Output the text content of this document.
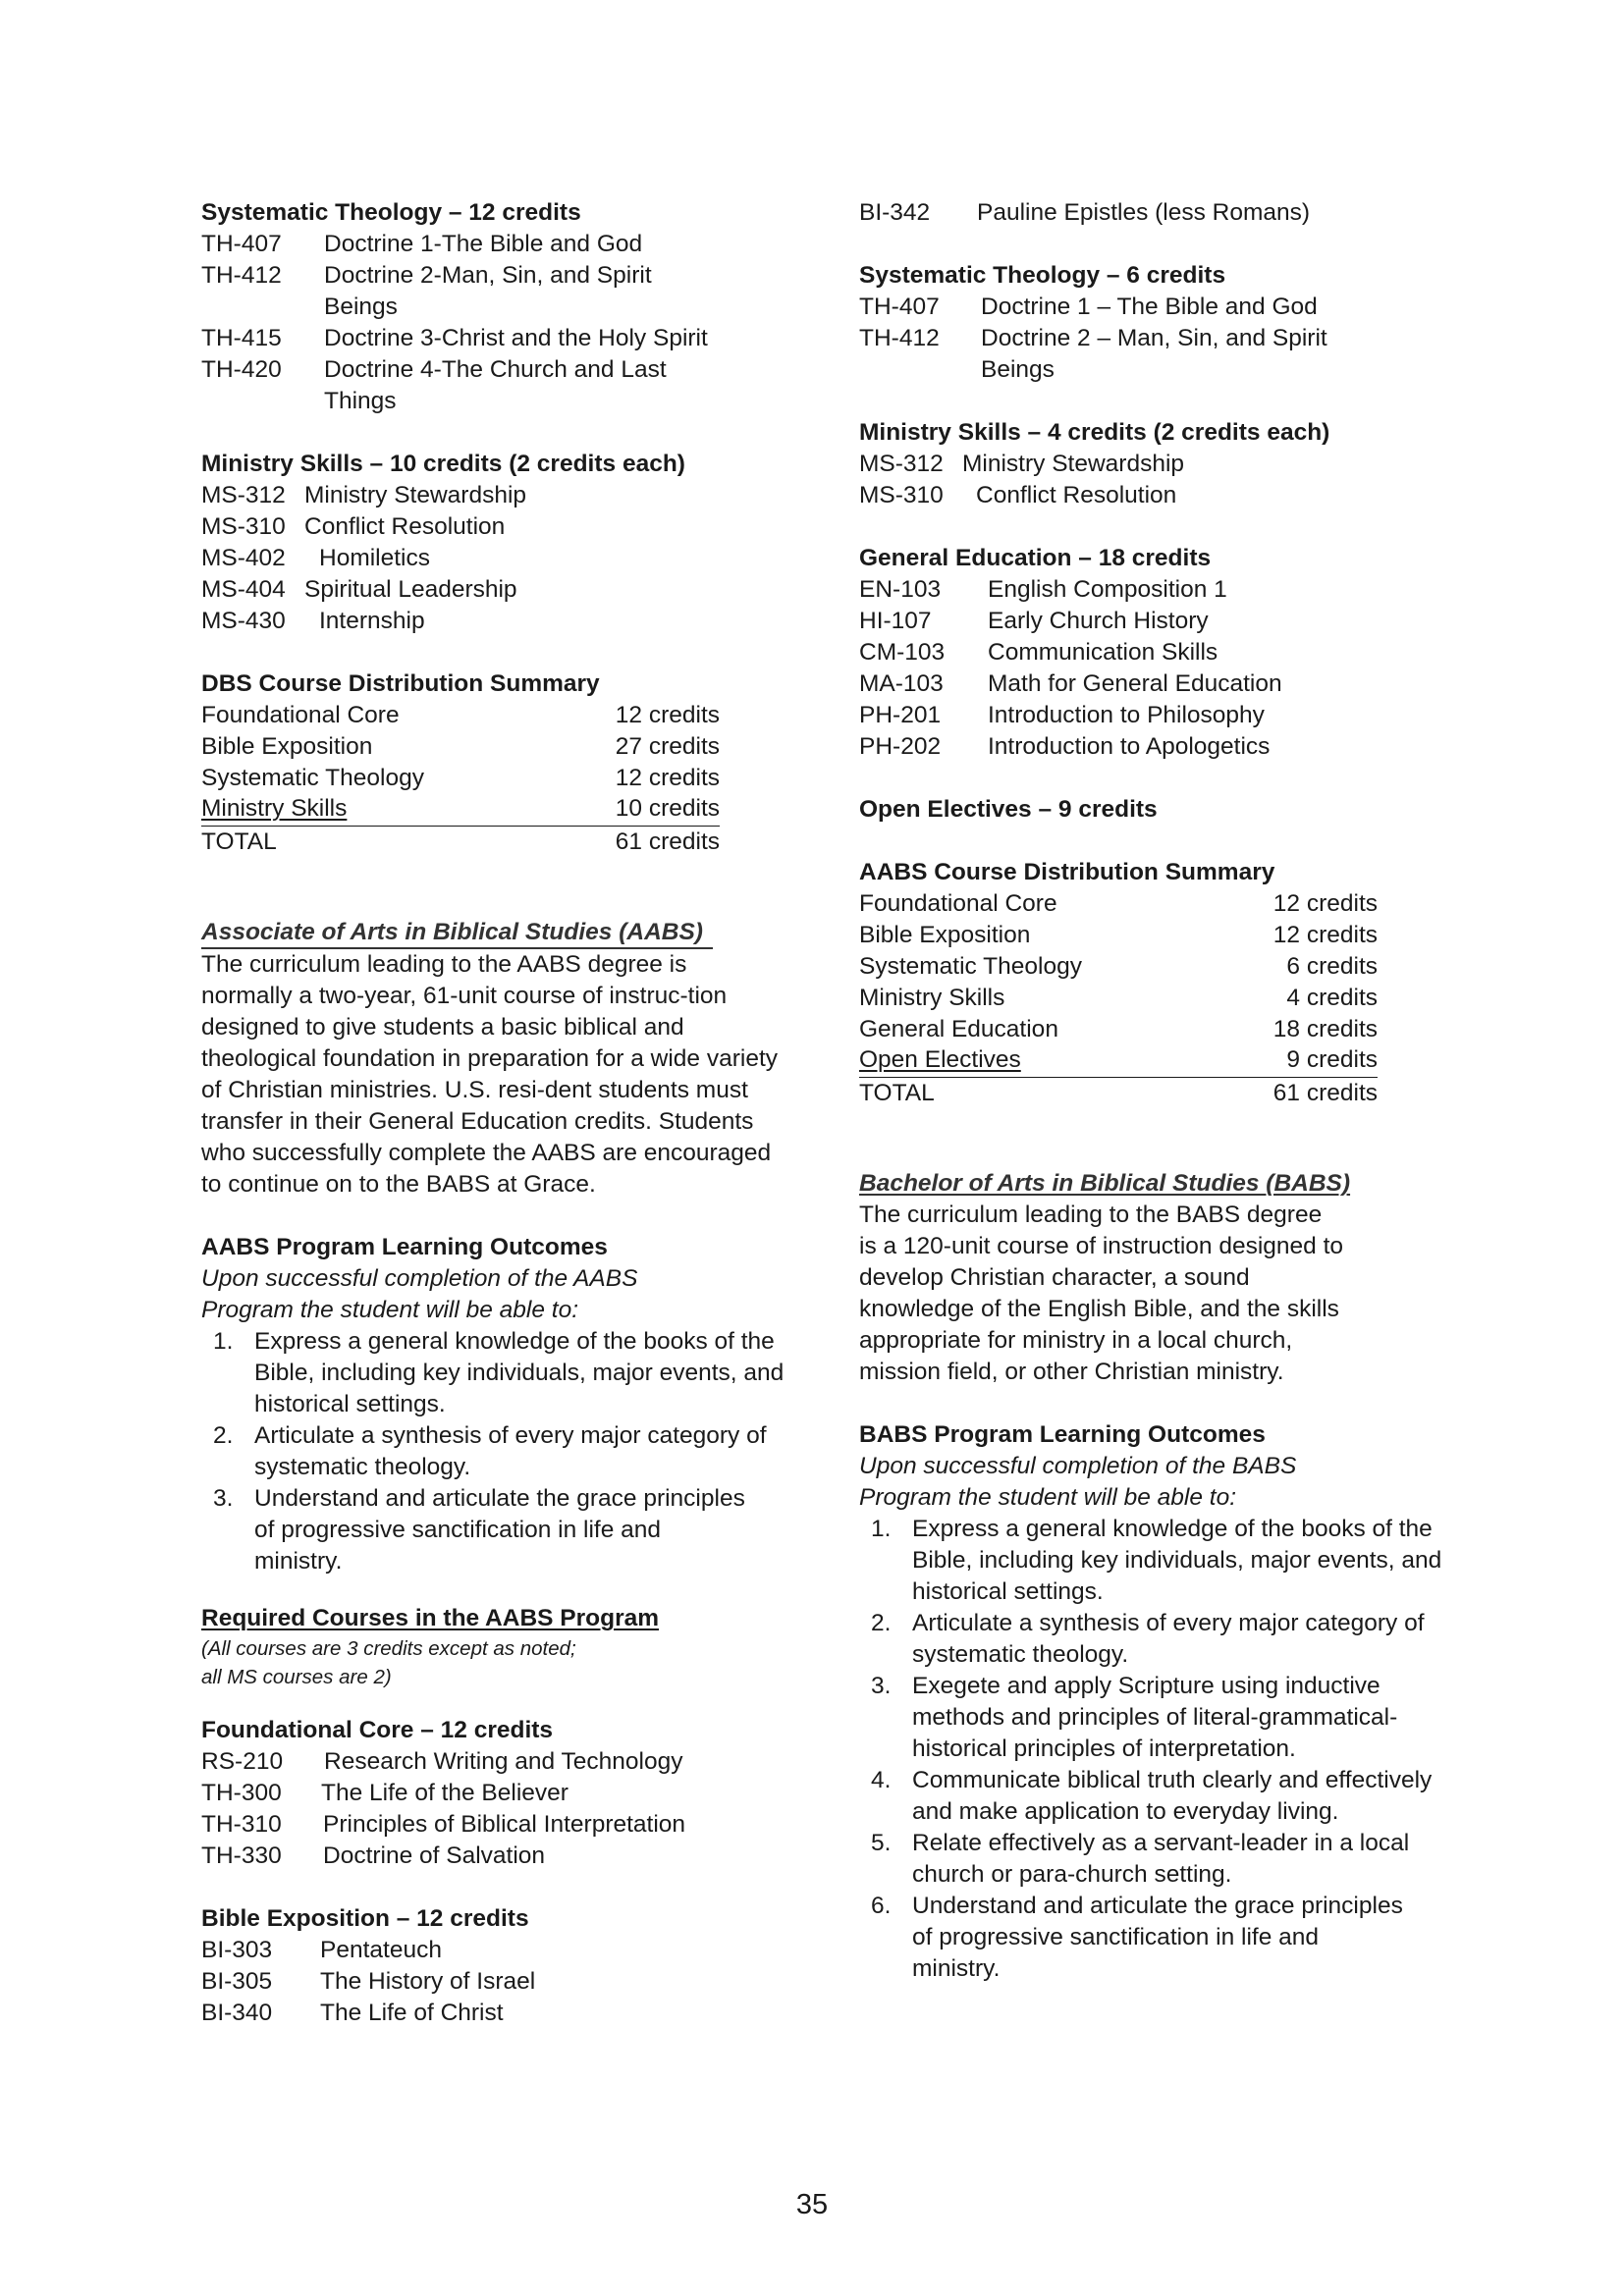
Systematic Theology – 12 credits
TH-407	Doctrine 1-The Bible and God
TH-412	Doctrine 2-Man, Sin, and Spirit Beings
TH-415	Doctrine 3-Christ and the Holy Spirit
TH-420	Doctrine 4-The Church and Last Things
Ministry Skills – 10 credits (2 credits each)
MS-312 Ministry Stewardship
MS-310 Conflict Resolution
MS-402	Homiletics
MS-404 Spiritual Leadership
MS-430	Internship
DBS Course Distribution Summary
Foundational Core	12 credits
Bible Exposition	27 credits
Systematic Theology	12 credits
Ministry Skills	10 credits
TOTAL	61 credits
Associate of Arts in Biblical Studies (AABS)

The curriculum leading to the AABS degree is normally a two-year, 61-unit course of instruc-tion designed to give students a basic biblical and theological foundation in preparation for a wide variety of Christian ministries. U.S. resi-dent students must transfer in their General Education credits. Students who successfully complete the AABS are encouraged to continue on to the BABS at Grace.

AABS Program Learning Outcomes
Upon successful completion of the AABS Program the student will be able to:
1. Express a general knowledge of the books of the Bible, including key individuals, major events, and historical settings.
2. Articulate a synthesis of every major category of systematic theology.
3. Understand and articulate the grace principles of progressive sanctification in life and ministry.
Required Courses in the AABS Program
(All courses are 3 credits except as noted;
all MS courses are 2)
Foundational Core – 12 credits
RS-210	Research Writing and Technology
TH-300	The Life of the Believer
TH-310	Principles of Biblical Interpretation
TH-330	Doctrine of Salvation
Bible Exposition – 12 credits
BI-303	Pentateuch
BI-305	The History of Israel
BI-340	The Life of Christ
BI-342	Pauline Epistles (less Romans)
Systematic Theology – 6 credits
TH-407	Doctrine 1 – The Bible and God
TH-412	Doctrine 2 – Man, Sin, and Spirit Beings
Ministry Skills – 4 credits (2 credits each)
MS-312 Ministry Stewardship
MS-310	Conflict Resolution
General Education – 18 credits
EN-103	English Composition 1
HI-107	Early Church History
CM-103	Communication Skills
MA-103	Math for General Education
PH-201	Introduction to Philosophy
PH-202	Introduction to Apologetics
Open Electives – 9 credits
AABS Course Distribution Summary
Foundational Core	12 credits
Bible Exposition	12 credits
Systematic Theology	6 credits
Ministry Skills	4 credits
General Education	18 credits
Open Electives	9 credits
TOTAL	61 credits
Bachelor of Arts in Biblical Studies (BABS)
The curriculum leading to the BABS degree
is a 120-unit course of instruction designed to
develop Christian character, a sound
knowledge of the English Bible, and the skills
appropriate for ministry in a local church,
mission field, or other Christian ministry.
BABS Program Learning Outcomes
Upon successful completion of the BABS Program the student will be able to:
1. Express a general knowledge of the books of the Bible, including key individuals, major events, and historical settings.
2. Articulate a synthesis of every major category of systematic theology.
3. Exegete and apply Scripture using inductive methods and principles of literal-grammatical-historical principles of interpretation.
4. Communicate biblical truth clearly and effectively and make application to everyday living.
5. Relate effectively as a servant-leader in a local church or para-church setting.
6. Understand and articulate the grace principles of progressive sanctification in life and ministry.
35
